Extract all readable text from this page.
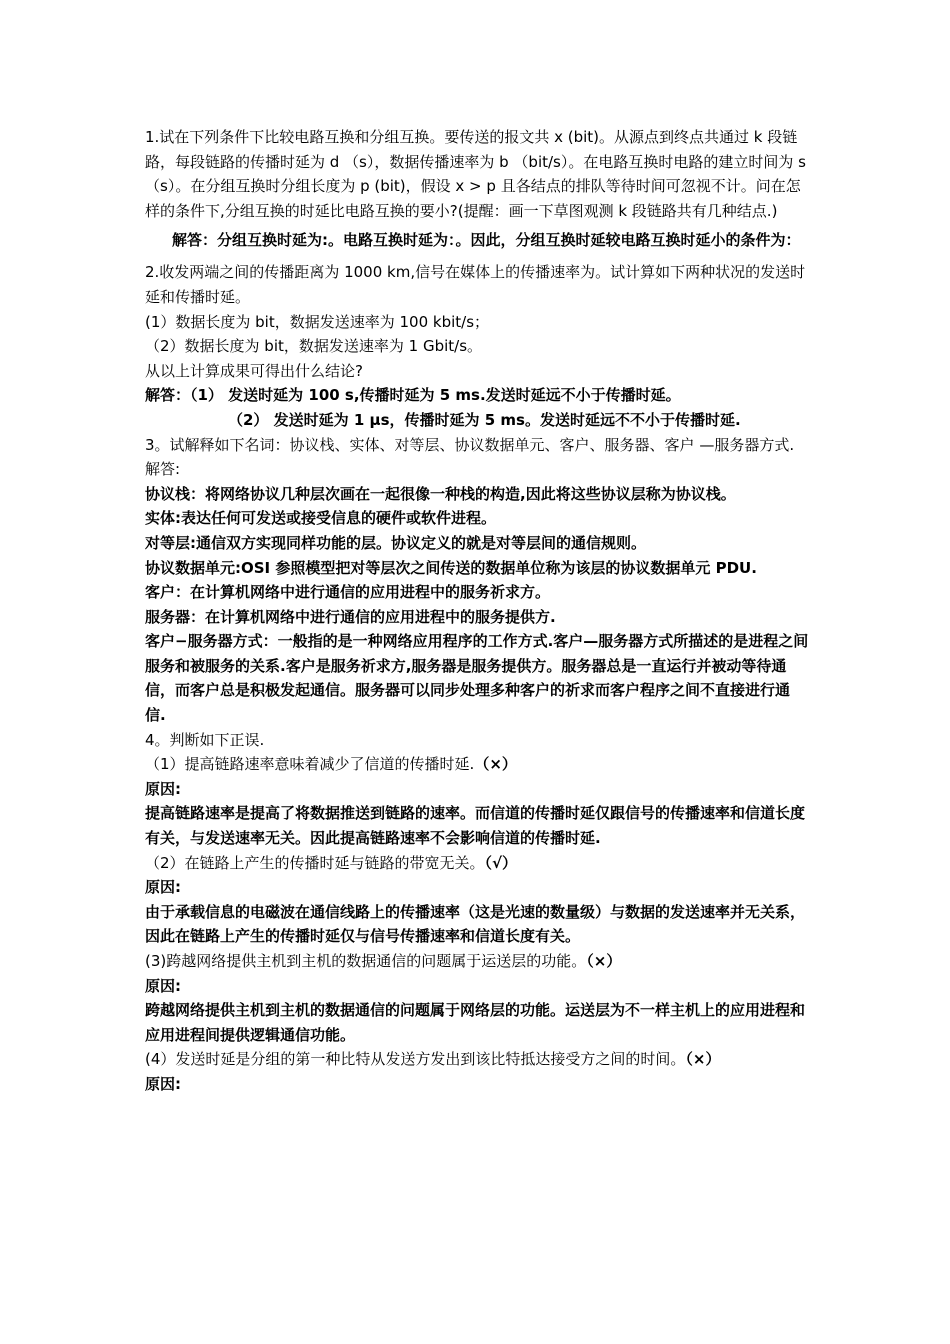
1.试在下列条件下比较电路互换和分组互换。要传送的报文共 x (bit)。从源点到终点共通过 k 段链路，每段链路的传播时延为 d （s），数据传播速率为 b （bit/s）。在电路互换时电路的建立时间为 s （s）。在分组互换时分组长度为 p (bit)，假设 x > p 且各结点的排队等待时间可忽视不计。问在怎样的条件下,分组互换的时延比电路互换的要小?(提醒：画一下草图观测 k 段链路共有几种结点.)

解答：分组互换时延为:。电路互换时延为：。因此，分组互换时延较电路互换时延小的条件为：

2.收发两端之间的传播距离为 1000 km,信号在媒体上的传播速率为。试计算如下两种状况的发送时延和传播时延。

(1）数据长度为 bit，数据发送速率为 100 kbit/s；

（2）数据长度为 bit，数据发送速率为 1 Gbit/s。

从以上计算成果可得出什么结论?

解答：（1） 发送时延为 100 s,传播时延为 5 ms.发送时延远不小于传播时延。

（2） 发送时延为 1 μs，传播时延为 5 ms。发送时延远不不小于传播时延.

3。试解释如下名词：协议栈、实体、对等层、协议数据单元、客户、服务器、客户 —服务器方式.

解答:

协议栈：将网络协议几种层次画在一起很像一种栈的构造,因此将这些协议层称为协议栈。

实体:表达任何可发送或接受信息的硬件或软件进程。

对等层:通信双方实现同样功能的层。协议定义的就是对等层间的通信规则。

协议数据单元:OSI 参照模型把对等层次之间传送的数据单位称为该层的协议数据单元 PDU.

客户：在计算机网络中进行通信的应用进程中的服务祈求方。

服务器：在计算机网络中进行通信的应用进程中的服务提供方.

客户−服务器方式：一般指的是一种网络应用程序的工作方式.客户—服务器方式所描述的是进程之间服务和被服务的关系.客户是服务祈求方,服务器是服务提供方。服务器总是一直运行并被动等待通信，而客户总是积极发起通信。服务器可以同步处理多种客户的祈求而客户程序之间不直接进行通信.

4。判断如下正误.

（1）提高链路速率意味着减少了信道的传播时延.（×）

原因:

提高链路速率是提高了将数据推送到链路的速率。而信道的传播时延仅跟信号的传播速率和信道长度有关，与发送速率无关。因此提高链路速率不会影响信道的传播时延.

（2）在链路上产生的传播时延与链路的带宽无关。（√）

原因:

由于承载信息的电磁波在通信线路上的传播速率（这是光速的数量级）与数据的发送速率并无关系，因此在链路上产生的传播时延仅与信号传播速率和信道长度有关。

(3)跨越网络提供主机到主机的数据通信的问题属于运送层的功能。（×）

原因:

跨越网络提供主机到主机的数据通信的问题属于网络层的功能。运送层为不一样主机上的应用进程和应用进程间提供逻辑通信功能。

(4）发送时延是分组的第一种比特从发送方发出到该比特抵达接受方之间的时间。（×）

原因:
